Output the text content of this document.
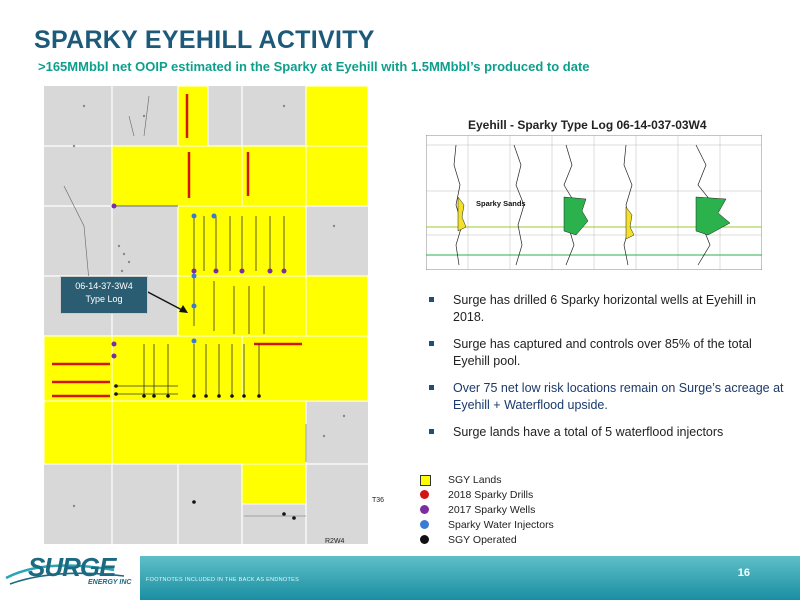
SPARKY EYEHILL ACTIVITY
>165MMbbl net OOIP estimated in the Sparky at Eyehill with 1.5MMbbl’s produced to date
T36
R2W4
06-14-37-3W4
Type Log
Eyehill - Sparky Type Log 06-14-037-03W4
Sparky Sands
Surge has drilled 6 Sparky horizontal wells at Eyehill in 2018.
Surge has captured and controls over 85% of the total Eyehill pool.
Over 75 net low risk locations remain on Surge’s acreage at Eyehill + Waterflood upside.
Surge lands have a total of 5 waterflood injectors
SGY Lands
2018 Sparky Drills
2017 Sparky Wells
Sparky Water Injectors
SGY Operated
SURGE
ENERGY INC	FOOTNOTES INCLUDED IN THE BACK AS ENDNOTES
16
